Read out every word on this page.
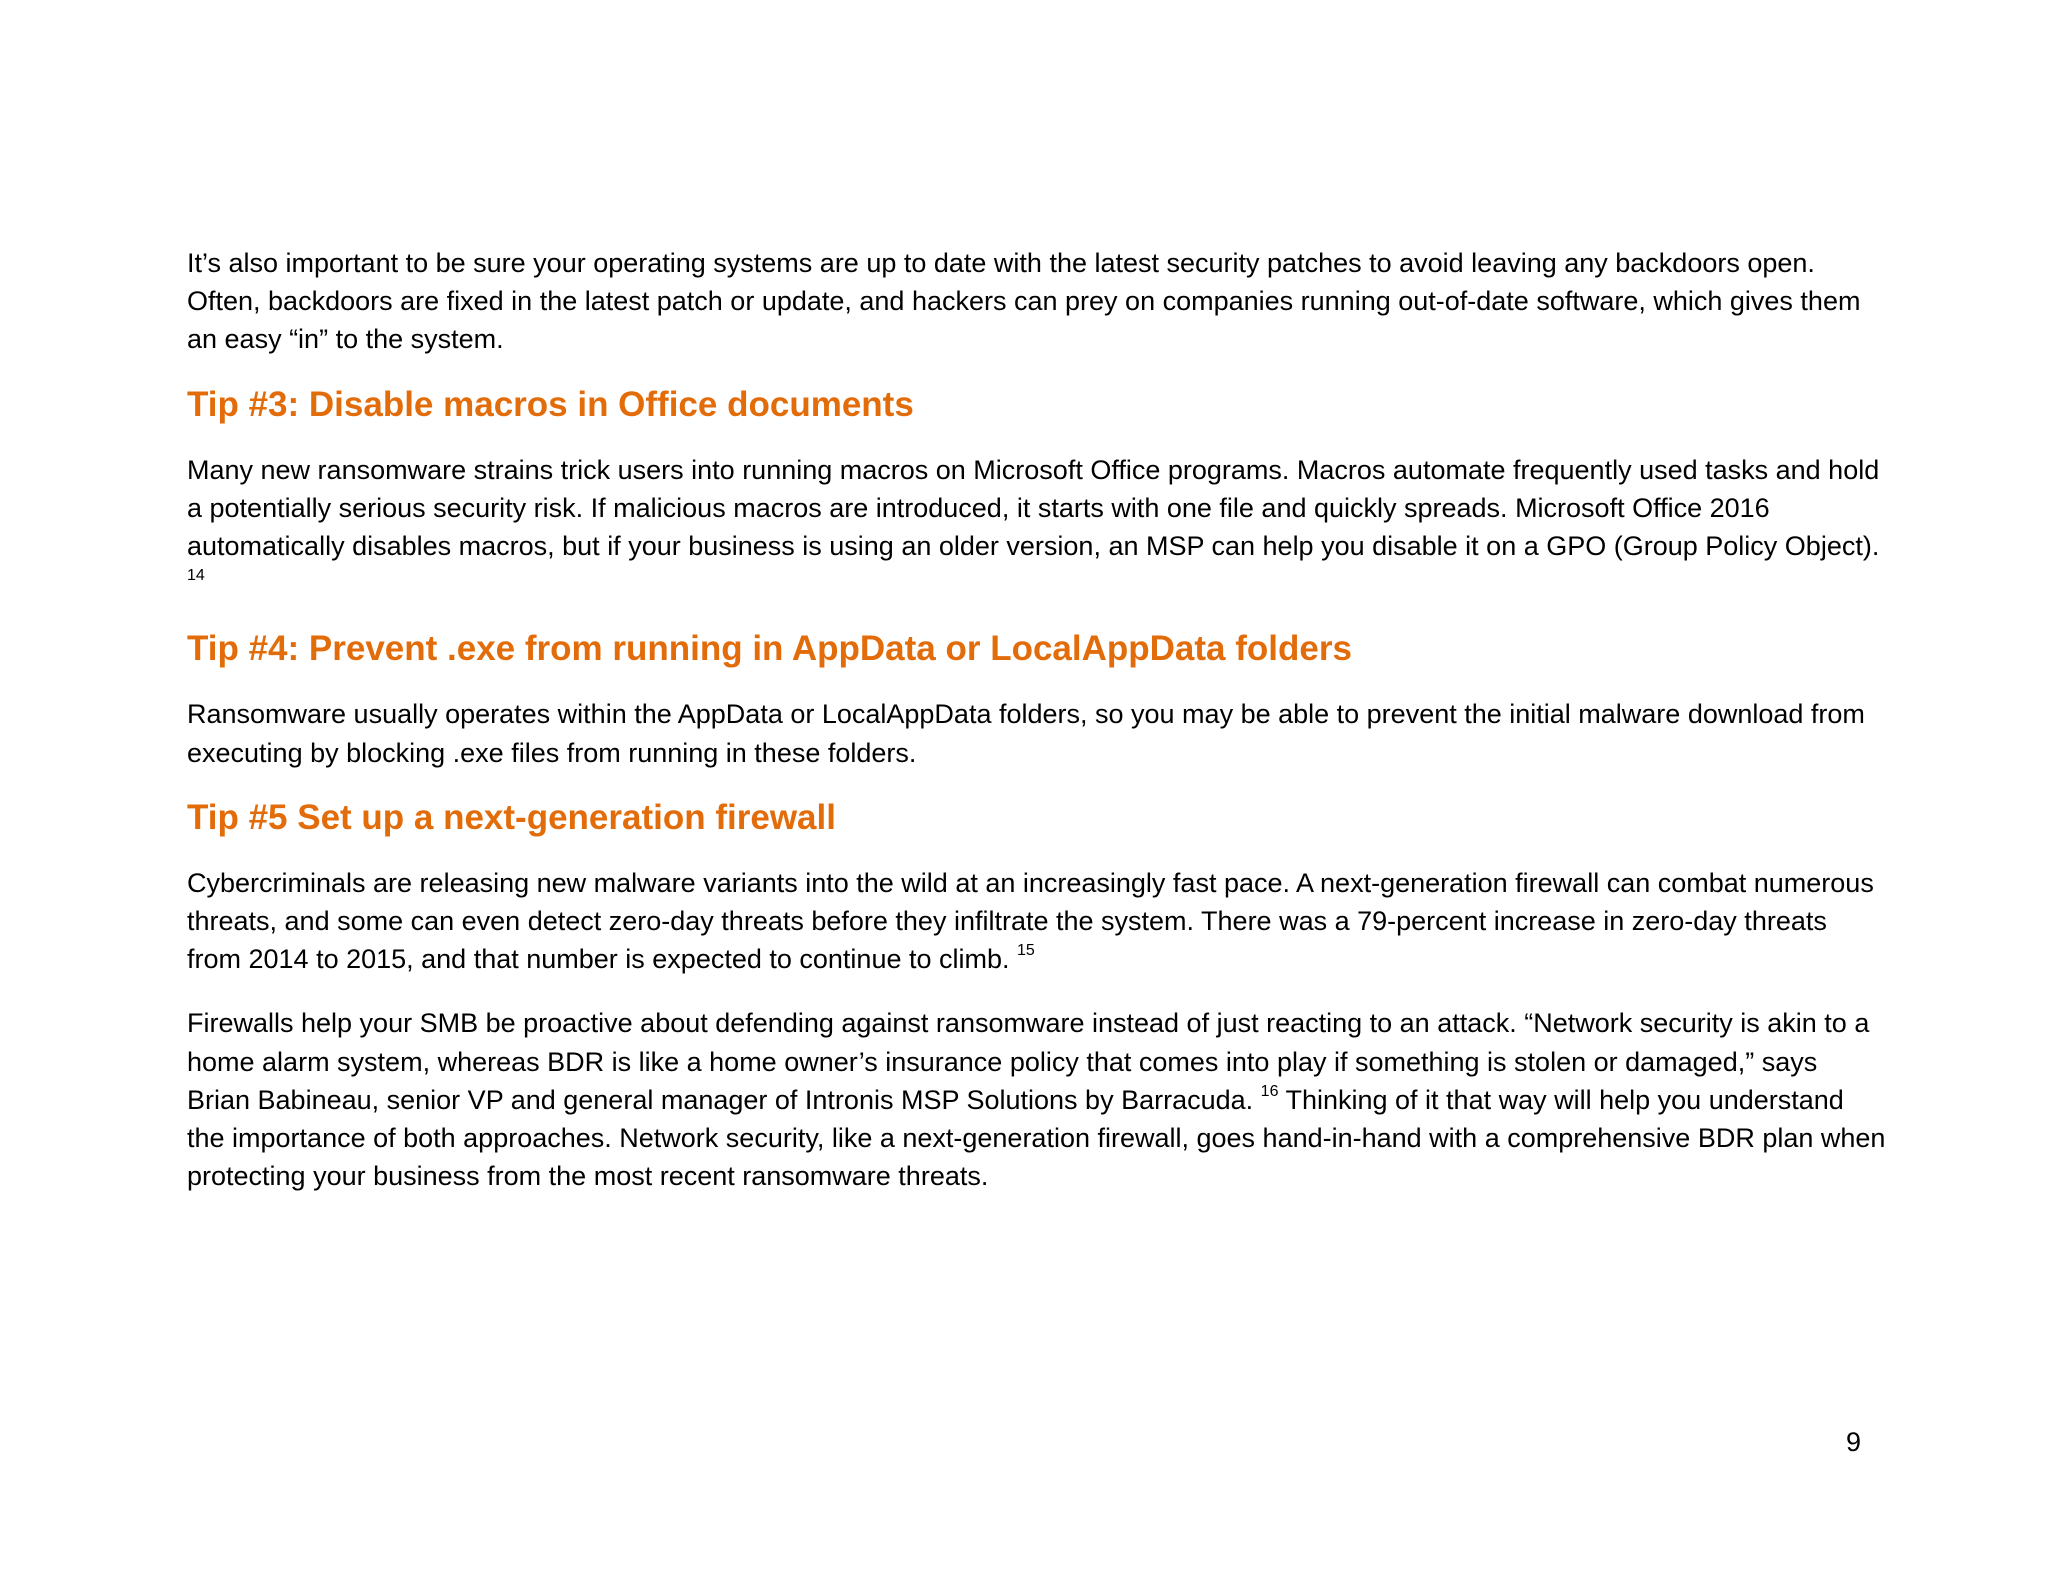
It’s also important to be sure your operating systems are up to date with the latest security patches to avoid leaving any backdoors open. Often, backdoors are fixed in the latest patch or update, and hackers can prey on companies running out-of-date software, which gives them an easy “in” to the system.

Tip #3: Disable macros in Office documents

Many new ransomware strains trick users into running macros on Microsoft Office programs. Macros automate frequently used tasks and hold a potentially serious security risk. If malicious macros are introduced, it starts with one file and quickly spreads. Microsoft Office 2016 automatically disables macros, but if your business is using an older version, an MSP can help you disable it on a GPO (Group Policy Object). $^{14}$

Tip #4: Prevent .exe from running in AppData or LocalAppData folders

Ransomware usually operates within the AppData or LocalAppData folders, so you may be able to prevent the initial malware download from executing by blocking .exe files from running in these folders.

Tip #5 Set up a next-generation firewall

Cybercriminals are releasing new malware variants into the wild at an increasingly fast pace. A next-generation firewall can combat numerous threats, and some can even detect zero-day threats before they infiltrate the system. There was a 79-percent increase in zero-day threats from 2014 to 2015, and that number is expected to continue to climb. $^{15}$

Firewalls help your SMB be proactive about defending against ransomware instead of just reacting to an attack. “Network security is akin to a home alarm system, whereas BDR is like a home owner’s insurance policy that comes into play if something is stolen or damaged,” says Brian Babineau, senior VP and general manager of Intronis MSP Solutions by Barracuda. $^{16}$ Thinking of it that way will help you understand the importance of both approaches. Network security, like a next-generation firewall, goes hand-in-hand with a comprehensive BDR plan when protecting your business from the most recent ransomware threats.

9
